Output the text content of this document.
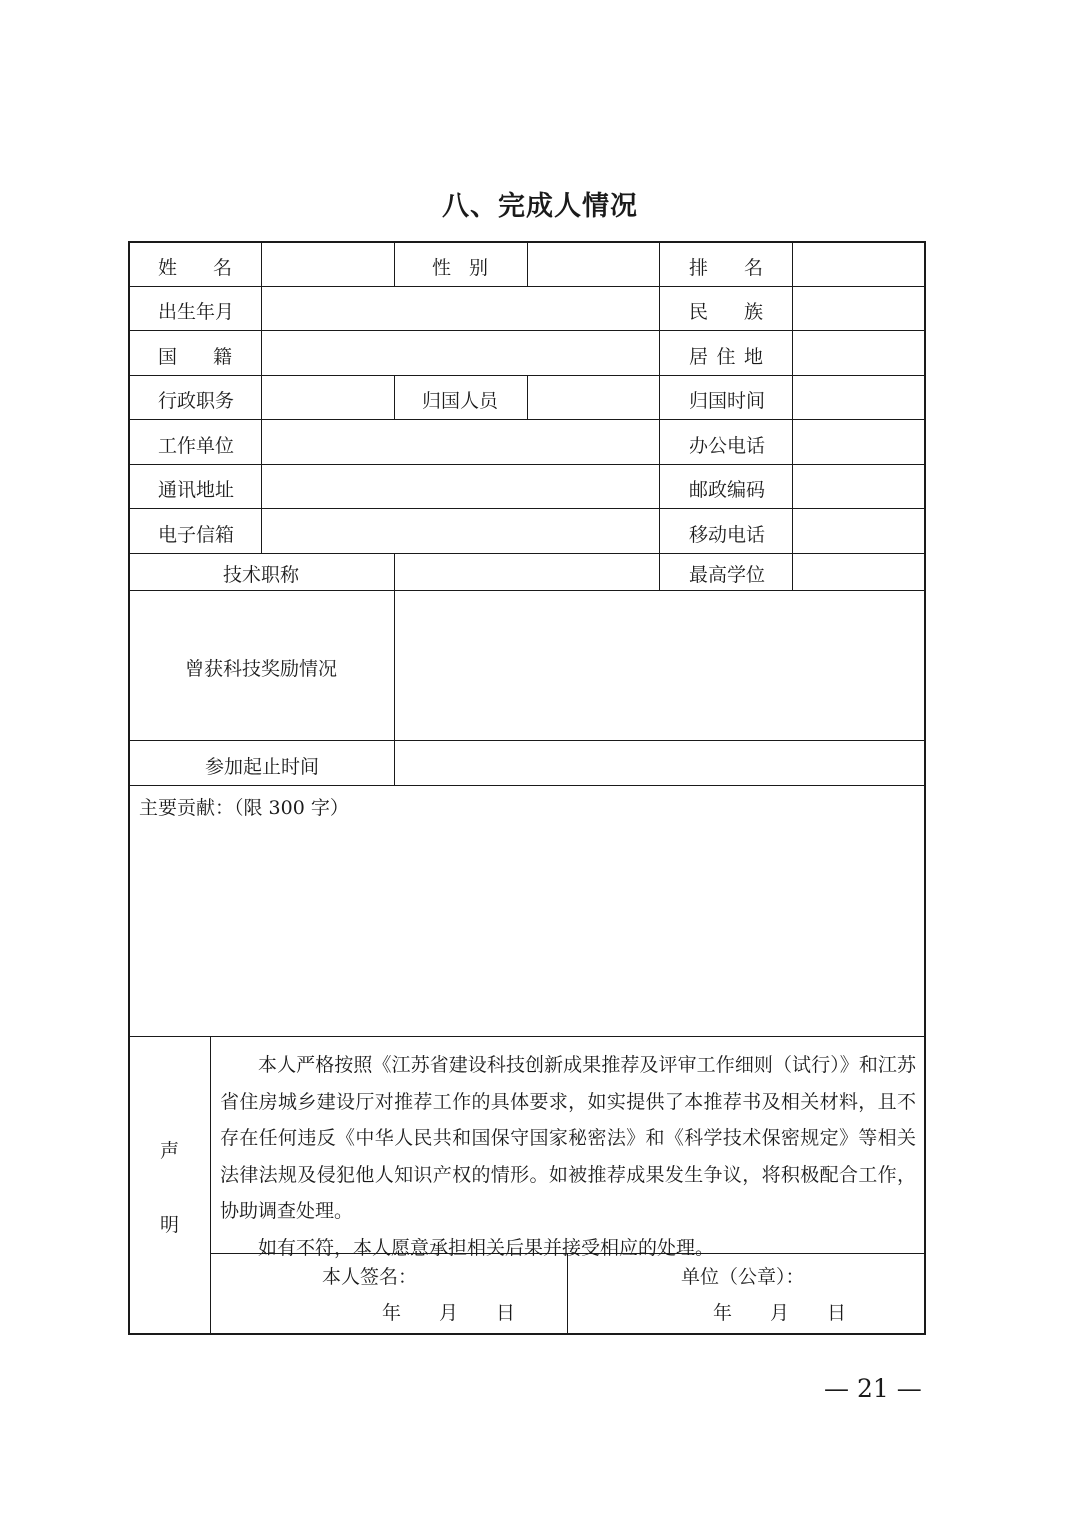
八、完成人情况
姓 名	性 别	排 名
出生年月	民 族
国 籍	居 住 地
行政职务	归国人员	归国时间
工作单位	办公电话
通讯地址	邮政编码
电子信箱	移动电话
技术职称	最高学位
曾获科技奖励情况
参加起止时间
主要贡献：（限 300 字）
声
明

本人严格按照《江苏省建设科技创新成果推荐及评审工作细则（试行）》和江苏省住房城乡建设厅对推荐工作的具体要求，如实提供了本推荐书及相关材料，且不存在任何违反《中华人民共和国保守国家秘密法》和《科学技术保密规定》等相关法律法规及侵犯他人知识产权的情形。如被推荐成果发生争议，将积极配合工作，协助调查处理。

如有不符，本人愿意承担相关后果并接受相应的处理。

本人签名：
年　　月　　日
单位（公章）：
年　　月　　日
— 21 —
